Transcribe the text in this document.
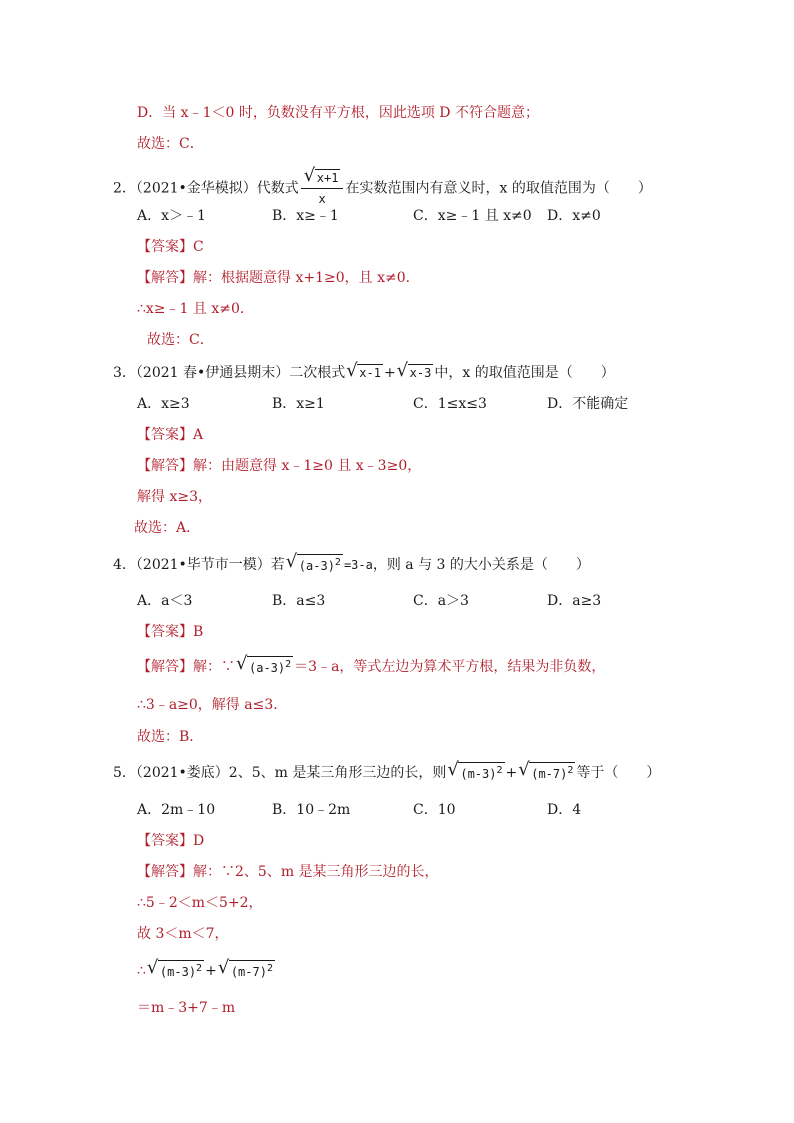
D．当 x﹣1＜0 时，负数没有平方根，因此选项 D 不符合题意；
故选：C．
2．（2021•金华模拟）代数式 $\frac{√ x+1}{x}$ 在实数范围内有意义时，x 的取值范围为（　　）
A．x＞﹣1	B．x≥﹣1	C．x≥﹣1 且 x≠0 D．x≠0
【答案】C
【解答】解：根据题意得 x+1≥0，且 x≠0．
∴x≥﹣1 且 x≠0．
故选：C．
3．（2021 春•伊通县期末）二次根式 √ x-1 + √ x-3 中，x 的取值范围是（　　）
A．x≥3	B．x≥1	C．1≤x≤3	D．不能确定
【答案】A
【解答】解：由题意得 x﹣1≥0 且 x﹣3≥0，
解得 x≥3，
故选：A．
4．（2021•毕节市一模）若 √ $(a-3)^2 =3-a$，则 a 与 3 的大小关系是（　　）
A．a＜3	B．a≤3	C．a＞3	D．a≥3
【答案】B
【解答】解：∵ √ $(a-3)^2$ ＝3﹣a，等式左边为算术平方根，结果为非负数，
∴3﹣a≥0，解得 a≤3．
故选：B．
5．（2021•娄底）2、5、m 是某三角形三边的长，则 √ $(m-3)^2$ + √ $(m-7)^2$ 等于（　　）
A．2m﹣10	B．10﹣2m	C．10	D．4
【答案】D
【解答】解：∵2、5、m 是某三角形三边的长，
∴5﹣2＜m＜5+2，
故 3＜m＜7，
∴ √ $(m-3)^2$ + √ $(m-7)^2$
＝m﹣3+7﹣m
